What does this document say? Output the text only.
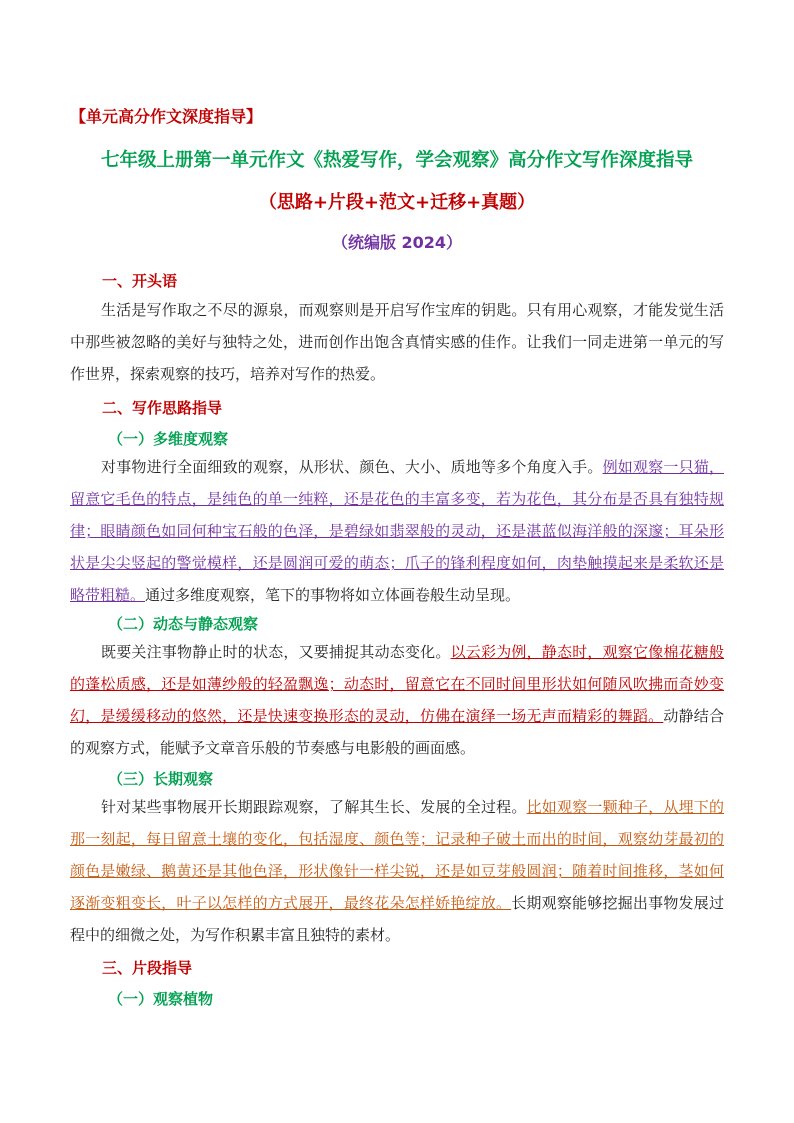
【单元高分作文深度指导】
七年级上册第一单元作文《热爱写作，学会观察》高分作文写作深度指导
（思路+片段+范文+迁移+真题）
（统编版 2024）
一、开头语
生活是写作取之不尽的源泉，而观察则是开启写作宝库的钥匙。只有用心观察，才能发觉生活中那些被忽略的美好与独特之处，进而创作出饱含真情实感的佳作。让我们一同走进第一单元的写作世界，探索观察的技巧，培养对写作的热爱。
二、写作思路指导
（一）多维度观察
对事物进行全面细致的观察，从形状、颜色、大小、质地等多个角度入手。例如观察一只猫，留意它毛色的特点，是纯色的单一纯粹，还是花色的丰富多变，若为花色，其分布是否具有独特规律；眼睛颜色如同何种宝石般的色泽，是碧绿如翡翠般的灵动，还是湛蓝似海洋般的深邃；耳朵形状是尖尖竖起的警觉模样，还是圆润可爱的萌态；爪子的锋利程度如何，肉垫触摸起来是柔软还是略带粗糙。通过多维度观察，笔下的事物将如立体画卷般生动呈现。
（二）动态与静态观察
既要关注事物静止时的状态，又要捕捉其动态变化。以云彩为例，静态时，观察它像棉花糖般的蓬松质感，还是如薄纱般的轻盈飘逸；动态时，留意它在不同时间里形状如何随风吹拂而奇妙变幻，是缓缓移动的悠然，还是快速变换形态的灵动，仿佛在演绎一场无声而精彩的舞蹈。动静结合的观察方式，能赋予文章音乐般的节奏感与电影般的画面感。
（三）长期观察
针对某些事物展开长期跟踪观察，了解其生长、发展的全过程。比如观察一颗种子，从埋下的那一刻起，每日留意土壤的变化，包括湿度、颜色等；记录种子破土而出的时间，观察幼芽最初的颜色是嫩绿、鹅黄还是其他色泽，形状像针一样尖锐，还是如豆芽般圆润；随着时间推移，茎如何逐渐变粗变长，叶子以怎样的方式展开，最终花朵怎样娇艳绽放。长期观察能够挖掘出事物发展过程中的细微之处，为写作积累丰富且独特的素材。
三、片段指导
（一）观察植物
